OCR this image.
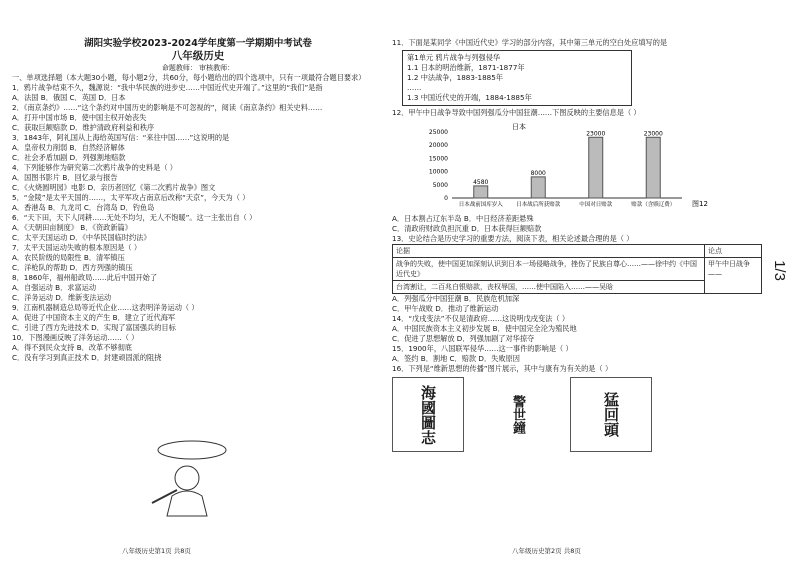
湖阳实验学校2023-2024学年度第一学期期中考试卷
八年级历史
命题教师： 审核教师：

一、单项选择题（本大题30小题，每小题2分，共60分，每小题给出的四个选项中，只有一项最符合题目要求）

1．鸦片战争结束不久，魏源说：“我中华民族的进步史……中国近代史开端了。”这里的“我们”是指

A．法国 B．俄国 C．英国 D．日本

2．《南京条约》……“这个条约对中国历史的影响是不可忽视的”，阅读《南京条约》相关史料……

A．打开中国市场 B．使中国主权开始丧失

C．获取巨额赔款 D．维护清政府利益和秩序

3．1843年，阿礼国从上海给英国写信：“来往中国……”这说明的是

A．皇帝权力削弱 B．自然经济解体

C．社会矛盾加剧 D．列强割地赔款

4．下列能够作为研究第二次鸦片战争的史料是（ ）

A．国图书影片 B．回忆录与报告

C．《火烧圆明园》电影 D．亲历者回忆《第二次鸦片战争》图文

5．“金陵”是太平天国的……，太平军攻占南京后改称“天京”，今天为（ ）

A．香港岛 B．九龙司 C．台湾岛 D．钓鱼岛

6．“天下田，天下人同耕……无处不均匀，无人不饱暖”。这一主张出自（ ）

A．《天朝田亩制度》 B．《资政新篇》

C．太平天国运动 D．《中华民国临时约法》

7．太平天国运动失败的根本原因是（ ）

A．农民阶级的局限性 B．清军镇压

C．洋枪队的帮助 D．西方列强的镇压

8．1860年，福州船政局……此后中国开始了

A．自强运动 B．求富运动

C．洋务运动 D．维新变法运动

9．江南机器制造总局等近代企业……这表明洋务运动（ ）

A．促进了中国资本主义的产生 B．建立了近代海军

C．引进了西方先进技术 D．实现了富国强兵的目标

10．下图漫画反映了洋务运动……（ ）

A．得不到民众支持 B．改革不够彻底

C．没有学习到真正技术 D．封建顽固派的阻挠

八年级历史第1页 共8页

11．下面是某同学《中国近代史》学习的部分内容，其中第三单元的空白处应填写的是

第1单元 鸦片战争与列强侵华
1.1 日本的明治维新，1871-1877年
1.2 中法战争，1883-1885年
……
1.3 中国近代史的开端，1884-1885年

12．甲午中日战争导致中国列强瓜分中国狂潮……下图反映的主要信息是（ ）

日本
0
5000
10000
15000
20000
25000
4580
日本战前国库岁入
8000
日本战后所获赔款
23000
中国对日赔款
23000
赔款（含赎辽费） 图12

A．日本割占辽东半岛 B．中日经济差距悬殊

C．清政府财政负担沉重 D．日本获得巨额赔款

13．史论结合是历史学习的重要方法，阅读下表，相关论述最合理的是（ ）

论据	论点
战争的失败，使中国更加深刻认识到日本一场侵略战争，挫伤了民族自尊心……——徐中约《中国近代史》	甲午中日战争——
台湾割让，二百兆白银赔款，丧权辱国，……使中国陷入……——吴晗	

A．列强瓜分中国狂潮 B．民族危机加深

C．甲午战败 D．推动了维新运动

14．“戊戌变法”不仅是清政府……这说明戊戌变法（ ）

A．中国民族资本主义初步发展 B．使中国完全沦为殖民地

C．促进了思想解放 D．列强加剧了对华掠夺

15．1900年，八国联军侵华……这一事件的影响是（ ）

A．签约 B．割地 C．赔款 D．失败原因

16．下列是“维新思想的传播”图片展示，其中与康有为有关的是（ ）

海國圖志	警世鐘	猛回頭
八年级历史第2页 共8页
1/3
